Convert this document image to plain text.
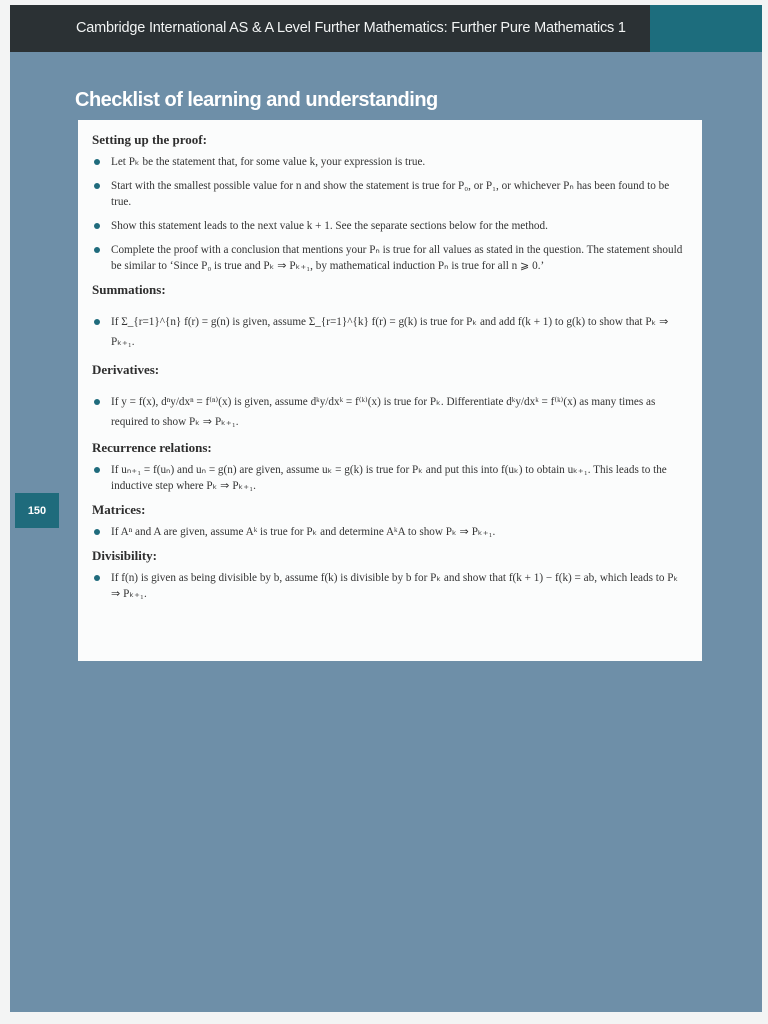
Cambridge International AS & A Level Further Mathematics: Further Pure Mathematics 1
Checklist of learning and understanding
150
Setting up the proof:
Let Pₖ be the statement that, for some value k, your expression is true.
Start with the smallest possible value for n and show the statement is true for P₀, or P₁, or whichever Pₙ has been found to be true.
Show this statement leads to the next value k + 1. See the separate sections below for the method.
Complete the proof with a conclusion that mentions your Pₙ is true for all values as stated in the question. The statement should be similar to ‘Since P₀ is true and Pₖ ⇒ Pₖ₊₁, by mathematical induction Pₙ is true for all n ⩾ 0.’
Summations:
If Σ_{r=1}^{n} f(r) = g(n) is given, assume Σ_{r=1}^{k} f(r) = g(k) is true for Pₖ and add f(k + 1) to g(k) to show that Pₖ ⇒ Pₖ₊₁.
Derivatives:
If y = f(x), dⁿy/dxⁿ = f⁽ⁿ⁾(x) is given, assume dᵏy/dxᵏ = f⁽ᵏ⁾(x) is true for Pₖ. Differentiate dᵏy/dxᵏ = f⁽ᵏ⁾(x) as many times as required to show Pₖ ⇒ Pₖ₊₁.
Recurrence relations:
If uₙ₊₁ = f(uₙ) and uₙ = g(n) are given, assume uₖ = g(k) is true for Pₖ and put this into f(uₖ) to obtain uₖ₊₁. This leads to the inductive step where Pₖ ⇒ Pₖ₊₁.
Matrices:
If Aⁿ and A are given, assume Aᵏ is true for Pₖ and determine AᵏA to show Pₖ ⇒ Pₖ₊₁.
Divisibility:
If f(n) is given as being divisible by b, assume f(k) is divisible by b for Pₖ and show that f(k + 1) − f(k) = ab, which leads to Pₖ ⇒ Pₖ₊₁.
